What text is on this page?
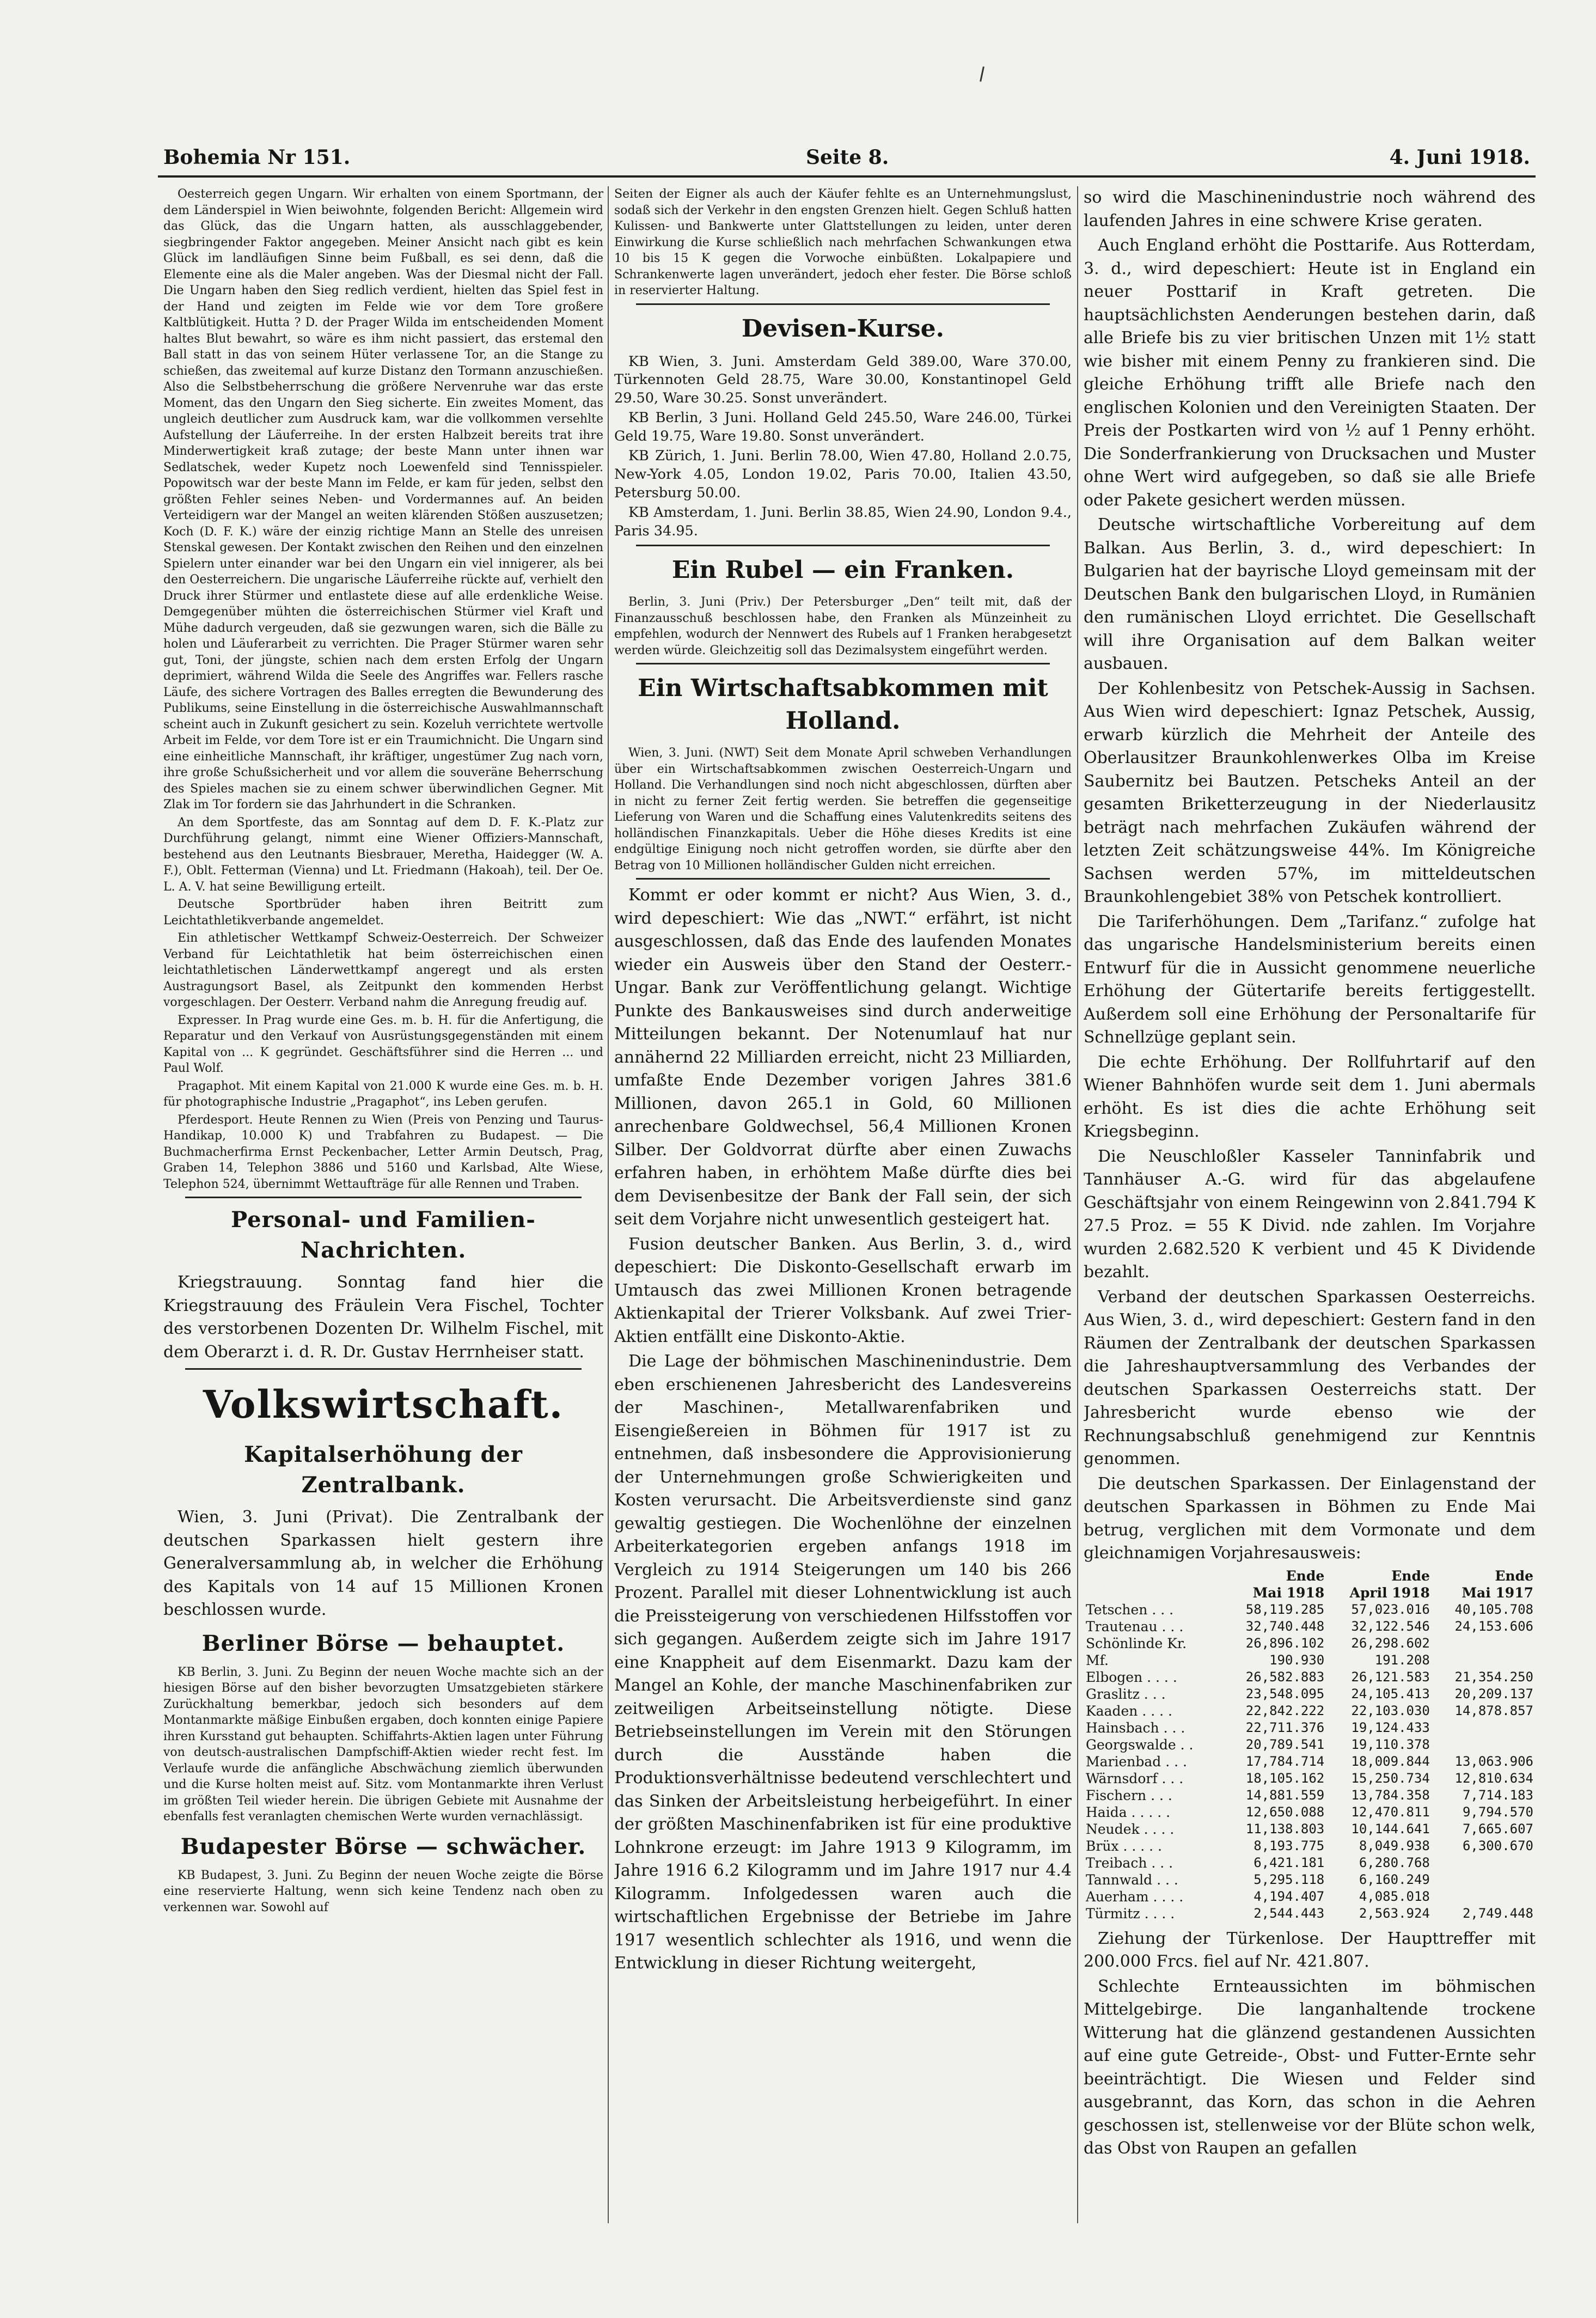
Bohemia Nr 151.	Seite 8.	4. Juni 1918.

Oesterreich gegen Ungarn. Wir erhalten von einem Sportmann, der dem Länderspiel in Wien beiwohnte, folgenden Bericht: Allgemein wird das Glück, das die Ungarn hatten, als ausschlaggebender, siegbringender Faktor angegeben. Meiner Ansicht nach gibt es kein Glück im landläufigen Sinne beim Fußball, es sei denn, daß die Elemente eine als die Maler angeben. Was der Diesmal nicht der Fall. Die Ungarn haben den Sieg redlich verdient, hielten das Spiel fest in der Hand und zeigten im Felde wie vor dem Tore großere Kaltblütigkeit. Hutta ? D. der Prager Wilda im entscheidenden Moment haltes Blut bewahrt, so wäre es ihm nicht passiert, das erstemal den Ball statt in das von seinem Hüter verlassene Tor, an die Stange zu schießen, das zweitemal auf kurze Distanz den Tormann anzuschießen. Also die Selbstbeherrschung die größere Nervenruhe war das erste Moment, das den Ungarn den Sieg sicherte. Ein zweites Moment, das ungleich deutlicher zum Ausdruck kam, war die vollkommen versehlte Aufstellung der Läuferreihe. In der ersten Halbzeit bereits trat ihre Minderwertigkeit kraß zutage; der beste Mann unter ihnen war Sedlatschek, weder Kupetz noch Loewenfeld sind Tennisspieler. Popowitsch war der beste Mann im Felde, er kam für jeden, selbst den größten Fehler seines Neben- und Vordermannes auf. An beiden Verteidigern war der Mangel an weiten klärenden Stößen auszusetzen; Koch (D. F. K.) wäre der einzig richtige Mann an Stelle des unreisen Stenskal gewesen. Der Kontakt zwischen den Reihen und den einzelnen Spielern unter einander war bei den Ungarn ein viel innigerer, als bei den Oesterreichern. Die ungarische Läuferreihe rückte auf, verhielt den Druck ihrer Stürmer und entlastete diese auf alle erdenkliche Weise. Demgegenüber mühten die österreichischen Stürmer viel Kraft und Mühe dadurch vergeuden, daß sie gezwungen waren, sich die Bälle zu holen und Läuferarbeit zu verrichten. Die Prager Stürmer waren sehr gut, Toni, der jüngste, schien nach dem ersten Erfolg der Ungarn deprimiert, während Wilda die Seele des Angriffes war. Fellers rasche Läufe, des sichere Vortragen des Balles erregten die Bewunderung des Publikums, seine Einstellung in die österreichische Auswahlmannschaft scheint auch in Zukunft gesichert zu sein. Kozeluh verrichtete wertvolle Arbeit im Felde, vor dem Tore ist er ein Traumichnicht. Die Ungarn sind eine einheitliche Mannschaft, ihr kräftiger, ungestümer Zug nach vorn, ihre große Schußsicherheit und vor allem die souveräne Beherrschung des Spieles machen sie zu einem schwer überwindlichen Gegner. Mit Zlak im Tor fordern sie das Jahrhundert in die Schranken.

An dem Sportfeste, das am Sonntag auf dem D. F. K.-Platz zur Durchführung gelangt, nimmt eine Wiener Offiziers-Mannschaft, bestehend aus den Leutnants Biesbrauer, Meretha, Haidegger (W. A. F.), Oblt. Fetterman (Vienna) und Lt. Friedmann (Hakoah), teil. Der Oe. L. A. V. hat seine Bewilligung erteilt.

Deutsche Sportbrüder haben ihren Beitritt zum Leichtathletikverbande angemeldet.

Ein athletischer Wettkampf Schweiz-Oesterreich. Der Schweizer Verband für Leichtathletik hat beim österreichischen einen leichtathletischen Länderwettkampf angeregt und als ersten Austragungsort Basel, als Zeitpunkt den kommenden Herbst vorgeschlagen. Der Oesterr. Verband nahm die Anregung freudig auf.

Expresser. In Prag wurde eine Ges. m. b. H. für die Anfertigung, die Reparatur und den Verkauf von Ausrüstungsgegenständen mit einem Kapital von ... K gegründet. Geschäftsführer sind die Herren ... und Paul Wolf.

Pragaphot. Mit einem Kapital von 21.000 K wurde eine Ges. m. b. H. für photographische Industrie „Pragaphot“, ins Leben gerufen.

Pferdesport. Heute Rennen zu Wien (Preis von Penzing und Taurus-Handikap, 10.000 K) und Trabfahren zu Budapest. — Die Buchmacherfirma Ernst Peckenbacher, Letter Armin Deutsch, Prag, Graben 14, Telephon 3886 und 5160 und Karlsbad, Alte Wiese, Telephon 524, übernimmt Wettaufträge für alle Rennen und Traben.

Personal- und Familien-Nachrichten.

Kriegstrauung. Sonntag fand hier die Kriegstrauung des Fräulein Vera Fischel, Tochter des verstorbenen Dozenten Dr. Wilhelm Fischel, mit dem Oberarzt i. d. R. Dr. Gustav Herrnheiser statt.

Volkswirtschaft.
Kapitalserhöhung der Zentralbank.

Wien, 3. Juni (Privat). Die Zentralbank der deutschen Sparkassen hielt gestern ihre Generalversammlung ab, in welcher die Erhöhung des Kapitals von 14 auf 15 Millionen Kronen beschlossen wurde.

Berliner Börse — behauptet.

KB Berlin, 3. Juni. Zu Beginn der neuen Woche machte sich an der hiesigen Börse auf den bisher bevorzugten Umsatzgebieten stärkere Zurückhaltung bemerkbar, jedoch sich besonders auf dem Montanmarkte mäßige Einbußen ergaben, doch konnten einige Papiere ihren Kursstand gut behaupten. Schiffahrts-Aktien lagen unter Führung von deutsch-australischen Dampfschiff-Aktien wieder recht fest. Im Verlaufe wurde die anfängliche Abschwächung ziemlich überwunden und die Kurse holten meist auf. Sitz. vom Montanmarkte ihren Verlust im größten Teil wieder herein. Die übrigen Gebiete mit Ausnahme der ebenfalls fest veranlagten chemischen Werte wurden vernachlässigt.

Budapester Börse — schwächer.

KB Budapest, 3. Juni. Zu Beginn der neuen Woche zeigte die Börse eine reservierte Haltung, wenn sich keine Tendenz nach oben zu verkennen war. Sowohl auf

Seiten der Eigner als auch der Käufer fehlte es an Unternehmungslust, sodaß sich der Verkehr in den engsten Grenzen hielt. Gegen Schluß hatten Kulissen- und Bankwerte unter Glattstellungen zu leiden, unter deren Einwirkung die Kurse schließlich nach mehrfachen Schwankungen etwa 10 bis 15 K gegen die Vorwoche einbüßten. Lokalpapiere und Schrankenwerte lagen unverändert, jedoch eher fester. Die Börse schloß in reservierter Haltung.

Devisen-Kurse.

KB Wien, 3. Juni. Amsterdam Geld 389.00, Ware 370.00, Türkennoten Geld 28.75, Ware 30.00, Konstantinopel Geld 29.50, Ware 30.25. Sonst unverändert.

KB Berlin, 3 Juni. Holland Geld 245.50, Ware 246.00, Türkei Geld 19.75, Ware 19.80. Sonst unverändert.

KB Zürich, 1. Juni. Berlin 78.00, Wien 47.80, Holland 2.0.75, New-York 4.05, London 19.02, Paris 70.00, Italien 43.50, Petersburg 50.00.

KB Amsterdam, 1. Juni. Berlin 38.85, Wien 24.90, London 9.4., Paris 34.95.

Ein Rubel — ein Franken.

Berlin, 3. Juni (Priv.) Der Petersburger „Den“ teilt mit, daß der Finanzausschuß beschlossen habe, den Franken als Münzeinheit zu empfehlen, wodurch der Nennwert des Rubels auf 1 Franken herabgesetzt werden würde. Gleichzeitig soll das Dezimalsystem eingeführt werden.

Ein Wirtschaftsabkommen mit Holland.

Wien, 3. Juni. (NWT) Seit dem Monate April schweben Verhandlungen über ein Wirtschaftsabkommen zwischen Oesterreich-Ungarn und Holland. Die Verhandlungen sind noch nicht abgeschlossen, dürften aber in nicht zu ferner Zeit fertig werden. Sie betreffen die gegenseitige Lieferung von Waren und die Schaffung eines Valutenkredits seitens des holländischen Finanzkapitals. Ueber die Höhe dieses Kredits ist eine endgültige Einigung noch nicht getroffen worden, sie dürfte aber den Betrag von 10 Millionen holländischer Gulden nicht erreichen.

Kommt er oder kommt er nicht? Aus Wien, 3. d., wird depeschiert: Wie das „NWT.“ erfährt, ist nicht ausgeschlossen, daß das Ende des laufenden Monates wieder ein Ausweis über den Stand der Oesterr.-Ungar. Bank zur Veröffentlichung gelangt. Wichtige Punkte des Bankausweises sind durch anderweitige Mitteilungen bekannt. Der Notenumlauf hat nur annähernd 22 Milliarden erreicht, nicht 23 Milliarden, umfaßte Ende Dezember vorigen Jahres 381.6 Millionen, davon 265.1 in Gold, 60 Millionen anrechenbare Goldwechsel, 56,4 Millionen Kronen Silber. Der Goldvorrat dürfte aber einen Zuwachs erfahren haben, in erhöhtem Maße dürfte dies bei dem Devisenbesitze der Bank der Fall sein, der sich seit dem Vorjahre nicht unwesentlich gesteigert hat.

Fusion deutscher Banken. Aus Berlin, 3. d., wird depeschiert: Die Diskonto-Gesellschaft erwarb im Umtausch das zwei Millionen Kronen betragende Aktienkapital der Trierer Volksbank. Auf zwei Trier-Aktien entfällt eine Diskonto-Aktie.

Die Lage der böhmischen Maschinenindustrie. Dem eben erschienenen Jahresbericht des Landesvereins der Maschinen-, Metallwarenfabriken und Eisengießereien in Böhmen für 1917 ist zu entnehmen, daß insbesondere die Approvisionierung der Unternehmungen große Schwierigkeiten und Kosten verursacht. Die Arbeitsverdienste sind ganz gewaltig gestiegen. Die Wochenlöhne der einzelnen Arbeiterkategorien ergeben anfangs 1918 im Vergleich zu 1914 Steigerungen um 140 bis 266 Prozent. Parallel mit dieser Lohnentwicklung ist auch die Preissteigerung von verschiedenen Hilfsstoffen vor sich gegangen. Außerdem zeigte sich im Jahre 1917 eine Knappheit auf dem Eisenmarkt. Dazu kam der Mangel an Kohle, der manche Maschinenfabriken zur zeitweiligen Arbeitseinstellung nötigte. Diese Betriebseinstellungen im Verein mit den Störungen durch die Ausstände haben die Produktionsverhältnisse bedeutend verschlechtert und das Sinken der Arbeitsleistung herbeigeführt. In einer der größten Maschinenfabriken ist für eine produktive Lohnkrone erzeugt: im Jahre 1913 9 Kilogramm, im Jahre 1916 6.2 Kilogramm und im Jahre 1917 nur 4.4 Kilogramm. Infolgedessen waren auch die wirtschaftlichen Ergebnisse der Betriebe im Jahre 1917 wesentlich schlechter als 1916, und wenn die Entwicklung in dieser Richtung weitergeht,

so wird die Maschinenindustrie noch während des laufenden Jahres in eine schwere Krise geraten.

Auch England erhöht die Posttarife. Aus Rotterdam, 3. d., wird depeschiert: Heute ist in England ein neuer Posttarif in Kraft getreten. Die hauptsächlichsten Aenderungen bestehen darin, daß alle Briefe bis zu vier britischen Unzen mit 1½ statt wie bisher mit einem Penny zu frankieren sind. Die gleiche Erhöhung trifft alle Briefe nach den englischen Kolonien und den Vereinigten Staaten. Der Preis der Postkarten wird von ½ auf 1 Penny erhöht. Die Sonderfrankierung von Drucksachen und Muster ohne Wert wird aufgegeben, so daß sie alle Briefe oder Pakete gesichert werden müssen.

Deutsche wirtschaftliche Vorbereitung auf dem Balkan. Aus Berlin, 3. d., wird depeschiert: In Bulgarien hat der bayrische Lloyd gemeinsam mit der Deutschen Bank den bulgarischen Lloyd, in Rumänien den rumänischen Lloyd errichtet. Die Gesellschaft will ihre Organisation auf dem Balkan weiter ausbauen.

Der Kohlenbesitz von Petschek-Aussig in Sachsen. Aus Wien wird depeschiert: Ignaz Petschek, Aussig, erwarb kürzlich die Mehrheit der Anteile des Oberlausitzer Braunkohlenwerkes Olba im Kreise Saubernitz bei Bautzen. Petscheks Anteil an der gesamten Briketterzeugung in der Niederlausitz beträgt nach mehrfachen Zukäufen während der letzten Zeit schätzungsweise 44%. Im Königreiche Sachsen werden 57%, im mitteldeutschen Braunkohlengebiet 38% von Petschek kontrolliert.

Die Tariferhöhungen. Dem „Tarifanz.“ zufolge hat das ungarische Handelsministerium bereits einen Entwurf für die in Aussicht genommene neuerliche Erhöhung der Gütertarife bereits fertiggestellt. Außerdem soll eine Erhöhung der Personaltarife für Schnellzüge geplant sein.

Die echte Erhöhung. Der Rollfuhrtarif auf den Wiener Bahnhöfen wurde seit dem 1. Juni abermals erhöht. Es ist dies die achte Erhöhung seit Kriegsbeginn.

Die Neuschloßler Kasseler Tanninfabrik und Tannhäuser A.-G. wird für das abgelaufene Geschäftsjahr von einem Reingewinn von 2.841.794 K 27.5 Proz. = 55 K Divid. nde zahlen. Im Vorjahre wurden 2.682.520 K verbient und 45 K Dividende bezahlt.

Verband der deutschen Sparkassen Oesterreichs. Aus Wien, 3. d., wird depeschiert: Gestern fand in den Räumen der Zentralbank der deutschen Sparkassen die Jahreshauptversammlung des Verbandes der deutschen Sparkassen Oesterreichs statt. Der Jahresbericht wurde ebenso wie der Rechnungsabschluß genehmigend zur Kenntnis genommen.

Die deutschen Sparkassen. Der Einlagenstand der deutschen Sparkassen in Böhmen zu Ende Mai betrug, verglichen mit dem Vormonate und dem gleichnamigen Vorjahresausweis:

	Ende	Ende	Ende
	Mai 1918	April 1918	Mai 1917
Tetschen . . .	58,119.285	57,023.016	40,105.708
Trautenau . . .	32,740.448	32,122.546	24,153.606
Schönlinde Kr.	26,896.102	26,298.602	
Mf.	190.930	191.208	
Elbogen . . . .	26,582.883	26,121.583	21,354.250
Graslitz . . .	23,548.095	24,105.413	20,209.137
Kaaden . . . .	22,842.222	22,103.030	14,878.857
Hainsbach . . .	22,711.376	19,124.433	
Georgswalde . .	20,789.541	19,110.378	
Marienbad . . .	17,784.714	18,009.844	13,063.906
Wärnsdorf . . .	18,105.162	15,250.734	12,810.634
Fischern . . .	14,881.559	13,784.358	7,714.183
Haida . . . . .	12,650.088	12,470.811	9,794.570
Neudek . . . .	11,138.803	10,144.641	7,665.607
Brüx . . . . .	8,193.775	8,049.938	6,300.670
Treibach . . .	6,421.181	6,280.768	
Tannwald . . .	5,295.118	6,160.249	
Auerham . . . .	4,194.407	4,085.018	
Türmitz . . . .	2,544.443	2,563.924	2,749.448

Ziehung der Türkenlose. Der Haupttreffer mit 200.000 Frcs. fiel auf Nr. 421.807.

Schlechte Ernteaussichten im böhmischen Mittelgebirge. Die langanhaltende trockene Witterung hat die glänzend gestandenen Aussichten auf eine gute Getreide-, Obst- und Futter-Ernte sehr beeinträchtigt. Die Wiesen und Felder sind ausgebrannt, das Korn, das schon in die Aehren geschossen ist, stellenweise vor der Blüte schon welk, das Obst von Raupen an gefallen
